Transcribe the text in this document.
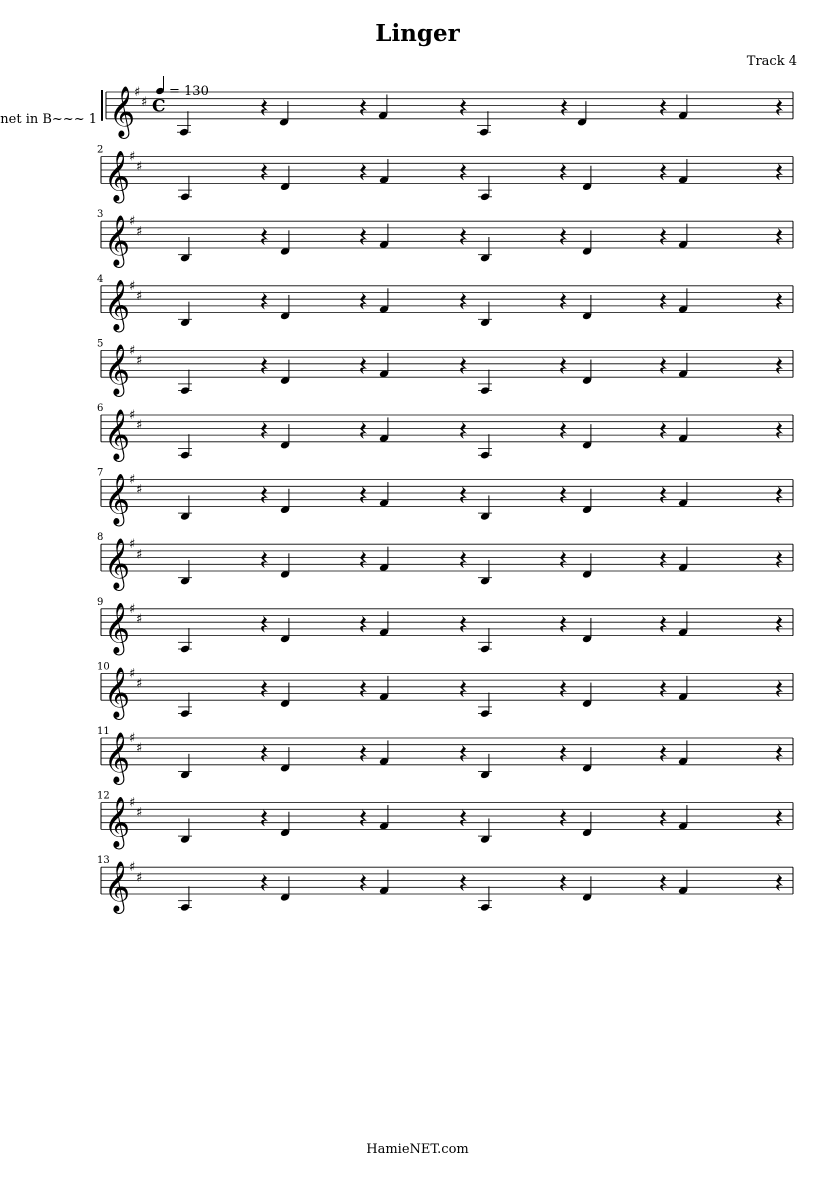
Linger
Track 4
net in B~~~ 1
= 130
𝄞
♯
♯ C
𝄞
♯
♯
2
𝄞
♯
♯
3
𝄞
♯
♯
4
𝄞
♯
♯
5
𝄞
♯
♯
6
𝄞
♯
♯
7
𝄞
♯
♯
8
𝄞
♯
♯
9
𝄞
♯
♯
10
𝄞
♯
♯
11
𝄞
♯
♯
12
𝄞
♯
♯
13
HamieNET.com
